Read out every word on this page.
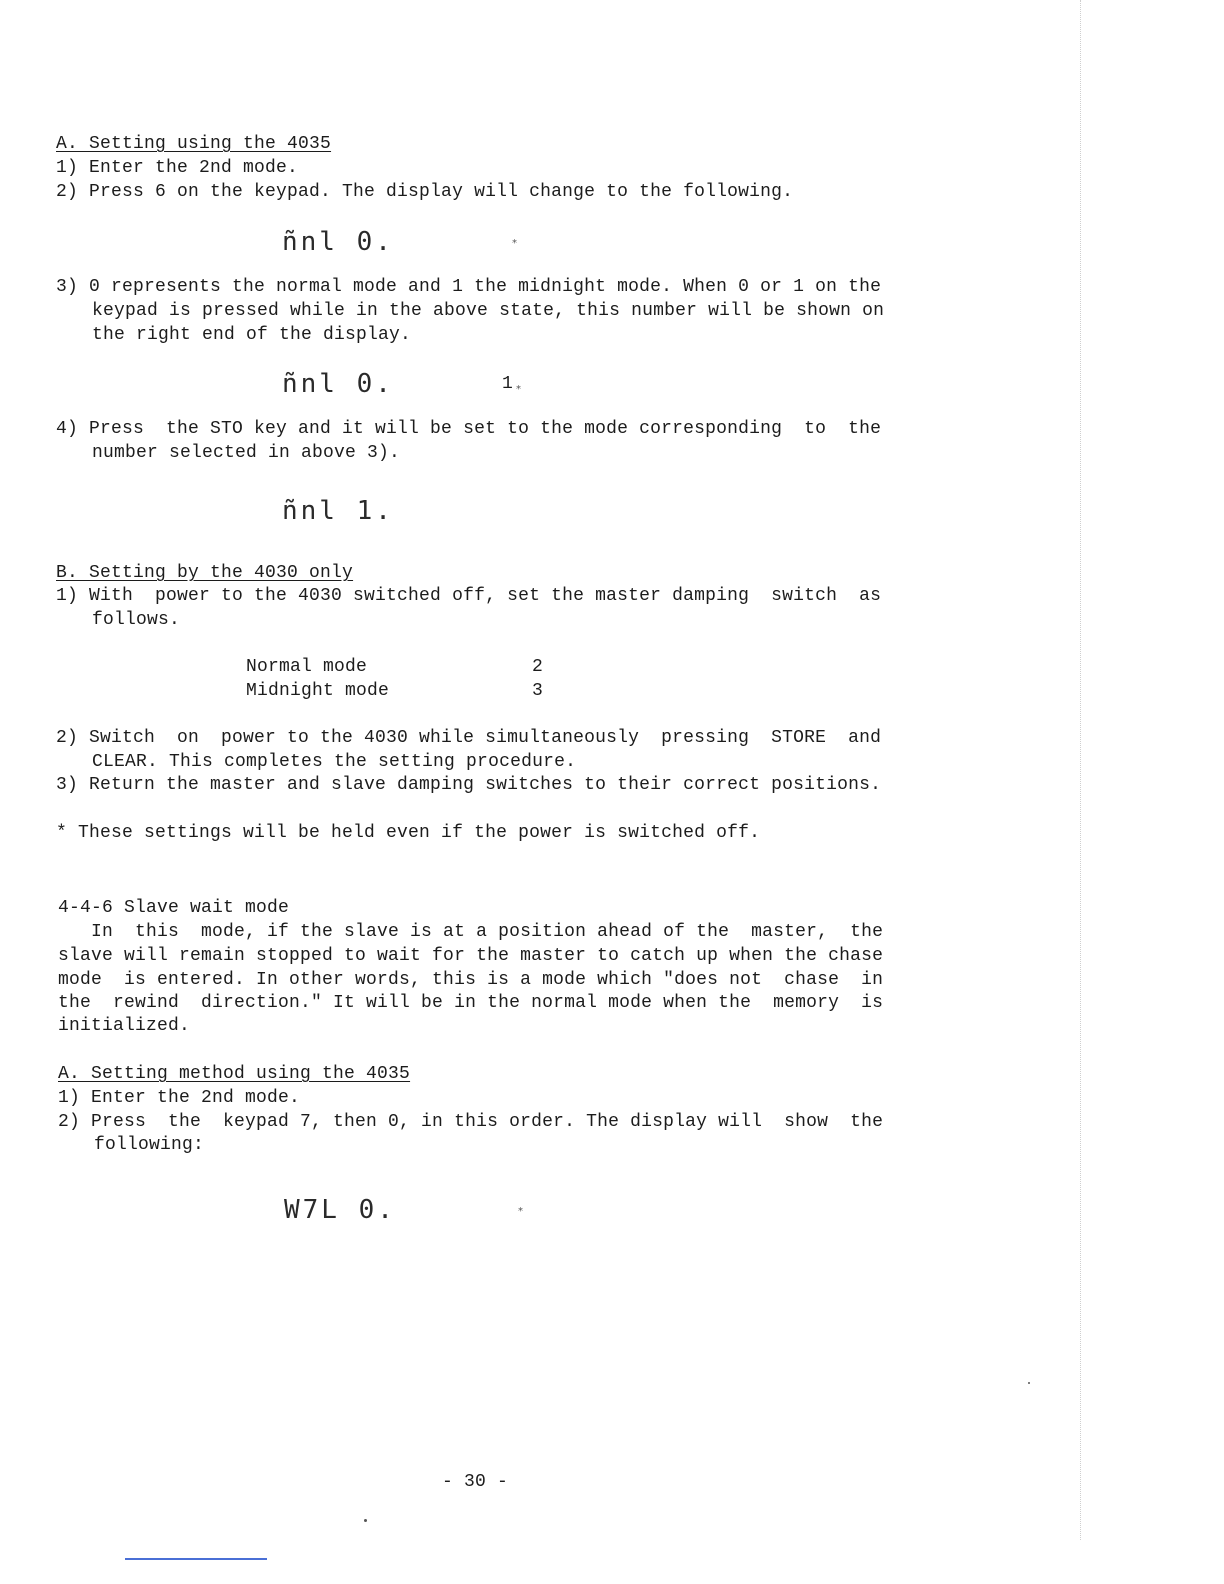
A. Setting using the 4035
1) Enter the 2nd mode.
2) Press 6 on the keypad. The display will change to the following.
ñnl 0.	*
3) 0 represents the normal mode and 1 the midnight mode. When 0 or 1 on the
keypad is pressed while in the above state, this number will be shown on
the right end of the display.
ñnl 0.	1 *
4) Press  the STO key and it will be set to the mode corresponding  to  the
number selected in above 3).
ñnl 1.
B. Setting by the 4030 only
1) With  power to the 4030 switched off, set the master damping  switch  as
follows.
Normal mode	2
Midnight mode	3
2) Switch  on  power to the 4030 while simultaneously  pressing  STORE  and
CLEAR. This completes the setting procedure.
3) Return the master and slave damping switches to their correct positions.
* These settings will be held even if the power is switched off.
4-4-6 Slave wait mode
In  this  mode, if the slave is at a position ahead of the  master,  the
slave will remain stopped to wait for the master to catch up when the chase
mode  is entered. In other words, this is a mode which "does not  chase  in
the  rewind  direction." It will be in the normal mode when the  memory  is
initialized.
A. Setting method using the 4035
1) Enter the 2nd mode.
2) Press  the  keypad 7, then 0, in this order. The display will  show  the
following:
W7L 0.	*
- 30 -
